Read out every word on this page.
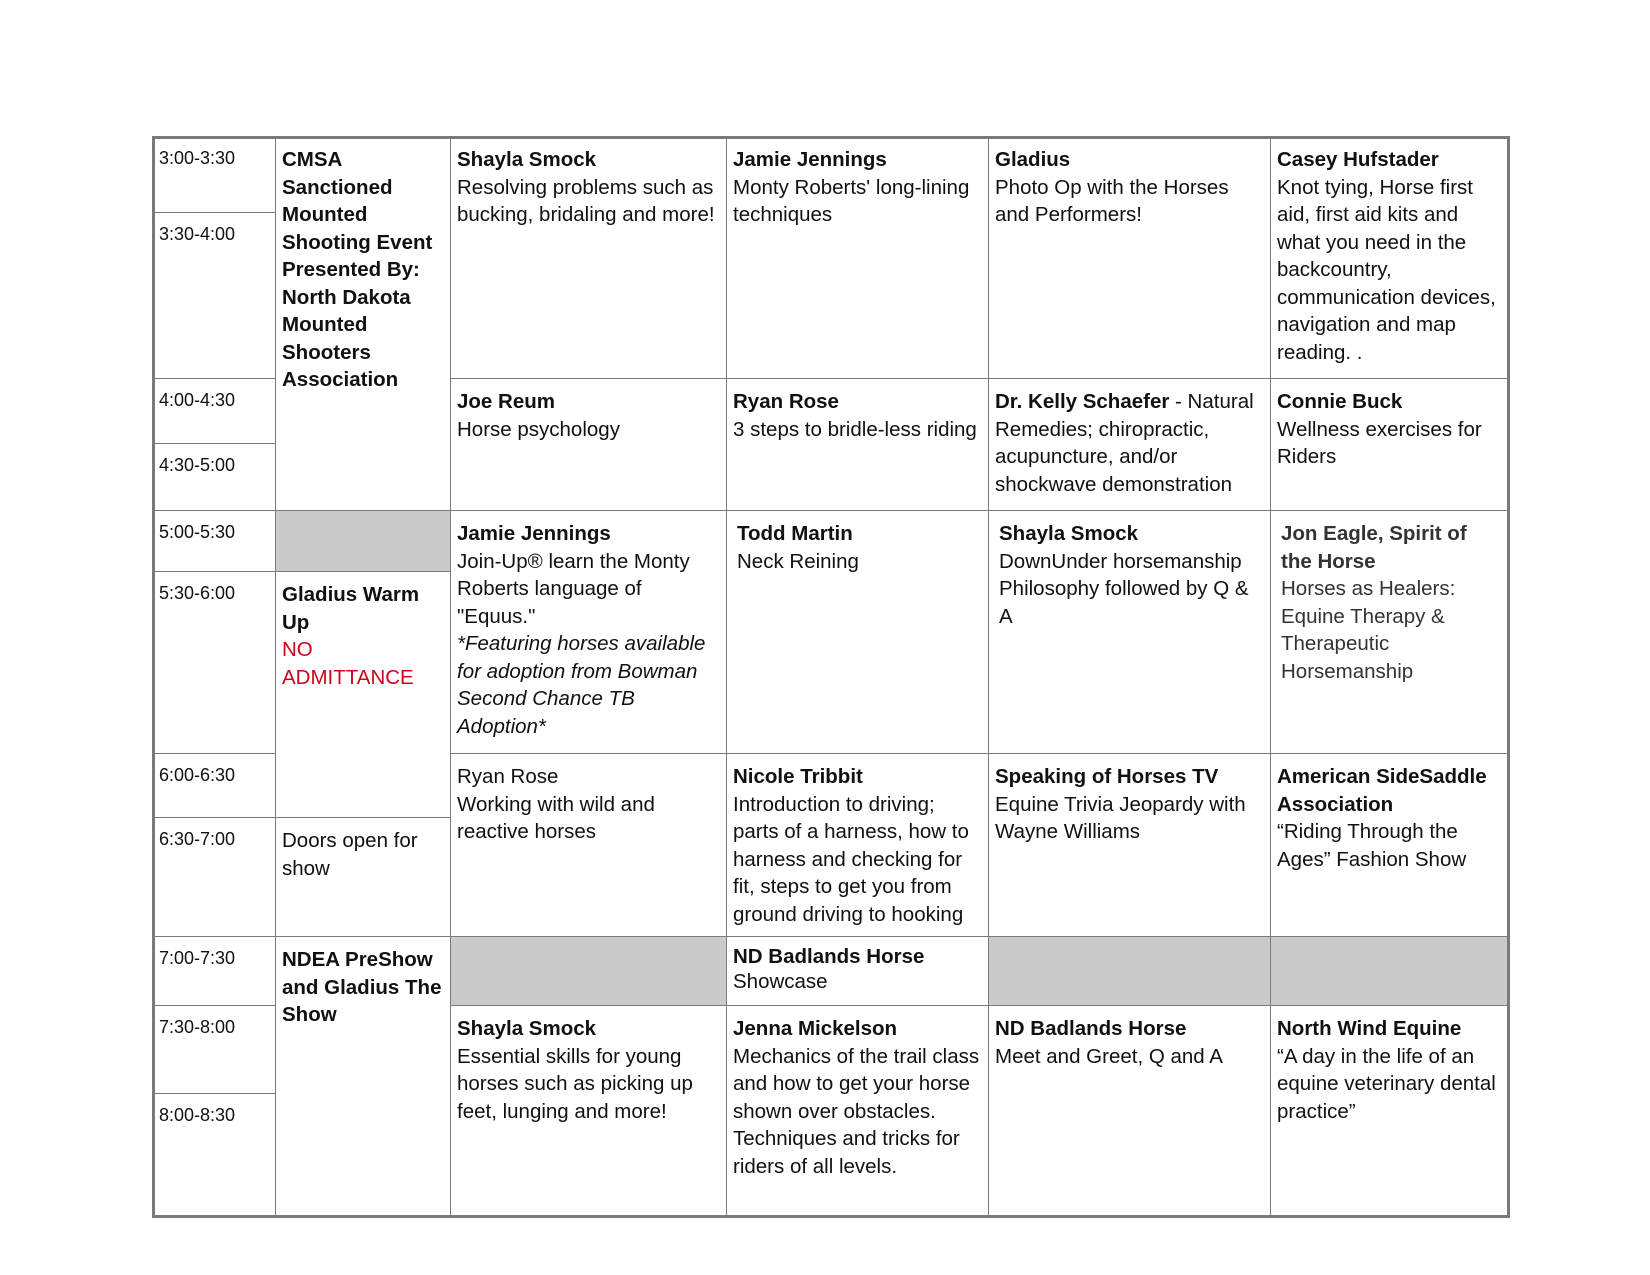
3:00-3:30
3:30-4:00
4:00-4:30
4:30-5:00
5:00-5:30
5:30-6:00
6:00-6:30
6:30-7:00
7:00-7:30
7:30-8:00
8:00-8:30
CMSA Sanctioned Mounted Shooting Event Presented By: North Dakota Mounted Shooters Association
Gladius Warm Up
NO ADMITTANCE
Doors open for show
NDEA PreShow and Gladius The Show
Shayla Smock
Resolving problems such as bucking, bridaling and more!
Jamie Jennings
Monty Roberts' long-lining techniques
Gladius
Photo Op with the Horses and Performers!
Casey Hufstader
Knot tying, Horse first aid, first aid kits and what you need in the backcountry, communication devices, navigation and map reading. .
Joe Reum
Horse psychology
Ryan Rose
3 steps to bridle-less riding
Dr. Kelly Schaefer - Natural Remedies; chiropractic, acupuncture, and/or shockwave demonstration
Connie Buck
Wellness exercises for Riders
Jamie Jennings
Join-Up® learn the Monty Roberts language of "Equus."
*Featuring horses available for adoption from Bowman Second Chance TB Adoption*
Todd Martin
Neck Reining
Shayla Smock
DownUnder horsemanship Philosophy followed by Q & A
Jon Eagle, Spirit of the Horse
Horses as Healers: Equine Therapy & Therapeutic Horsemanship
Ryan Rose
Working with wild and reactive horses
Nicole Tribbit
Introduction to driving; parts of a harness, how to harness and checking for fit, steps to get you from ground driving to hooking
Speaking of Horses TV
Equine Trivia Jeopardy with Wayne Williams
American SideSaddle Association
“Riding Through the Ages” Fashion Show
ND Badlands Horse
Showcase
Shayla Smock
Essential skills for young horses such as picking up feet, lunging and more!
Jenna Mickelson
Mechanics of the trail class and how to get your horse shown over obstacles. Techniques and tricks for riders of all levels.
ND Badlands Horse
Meet and Greet, Q and A
North Wind Equine
“A day in the life of an equine veterinary dental practice”
